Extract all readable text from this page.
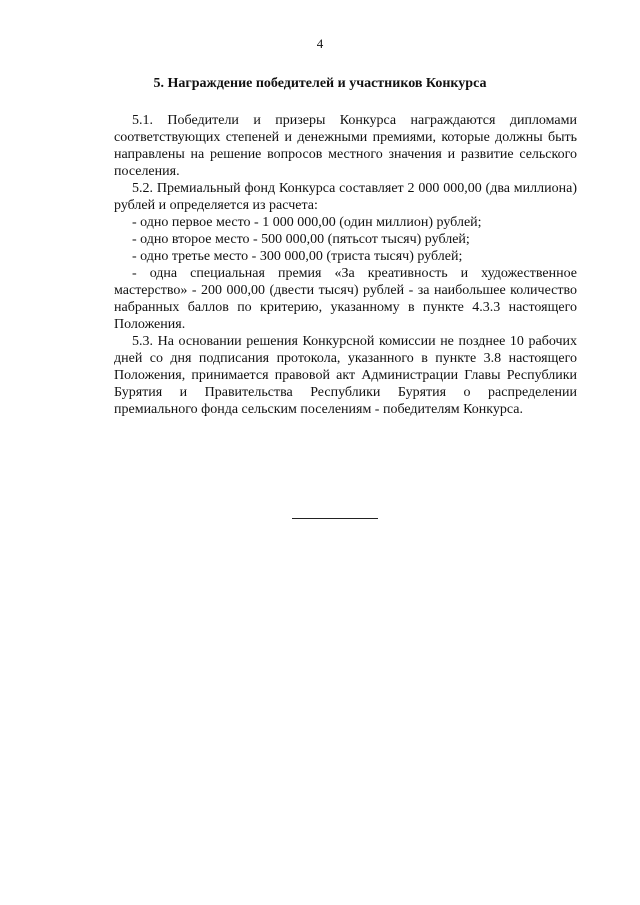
4
5. Награждение победителей и участников Конкурса

5.1. Победители и призеры Конкурса награждаются дипломами соответствующих степеней и денежными премиями, которые должны быть направлены на решение вопросов местного значения и развитие сельского поселения.

5.2. Премиальный фонд Конкурса составляет 2 000 000,00 (два миллиона) рублей и определяется из расчета:

- одно первое место - 1 000 000,00 (один миллион) рублей;

- одно второе место - 500 000,00 (пятьсот тысяч) рублей;

- одно третье место - 300 000,00 (триста тысяч) рублей;

- одна специальная премия «За креативность и художественное мастерство» - 200 000,00 (двести тысяч) рублей - за наибольшее количество набранных баллов по критерию, указанному в пункте 4.3.3 настоящего Положения.

5.3. На основании решения Конкурсной комиссии не позднее 10 рабочих дней со дня подписания протокола, указанного в пункте 3.8 настоящего Положения, принимается правовой акт Администрации Главы Республики Бурятия и Правительства Республики Бурятия о распределении премиального фонда сельским поселениям - победителям Конкурса.
